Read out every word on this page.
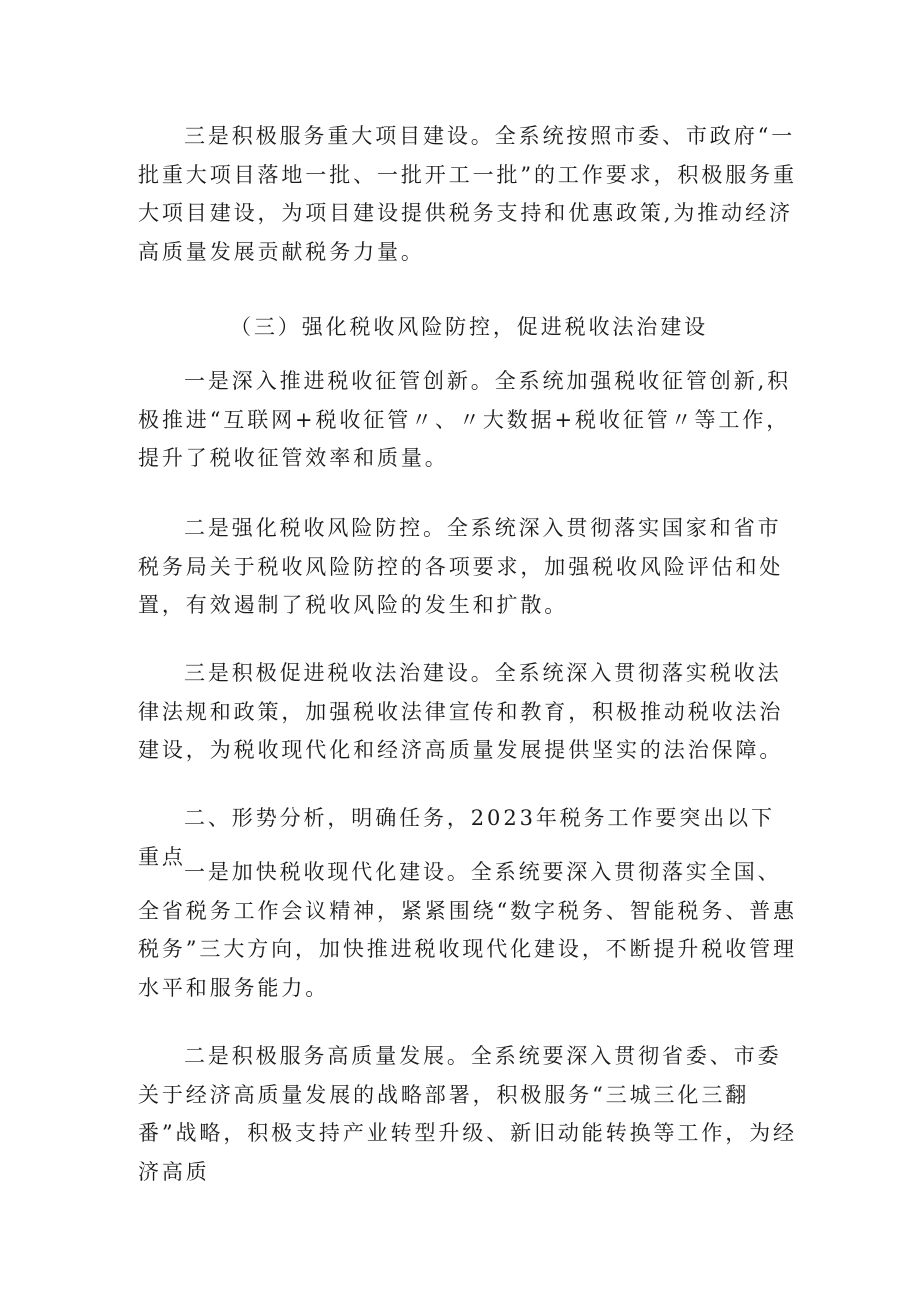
三是积极服务重大项目建设。全系统按照市委、市政府“一批重大项目落地一批、一批开工一批”的工作要求，积极服务重大项目建设，为项目建设提供税务支持和优惠政策,为推动经济高质量发展贡献税务力量。

（三）强化税收风险防控，促进税收法治建设

一是深入推进税收征管创新。全系统加强税收征管创新,积极推进“互联网+税收征管〃、〃大数据+税收征管〃等工作，提升了税收征管效率和质量。

二是强化税收风险防控。全系统深入贯彻落实国家和省市税务局关于税收风险防控的各项要求，加强税收风险评估和处置，有效遏制了税收风险的发生和扩散。

三是积极促进税收法治建设。全系统深入贯彻落实税收法律法规和政策，加强税收法律宣传和教育，积极推动税收法治建设，为税收现代化和经济高质量发展提供坚实的法治保障。

二、形势分析，明确任务，2023年税务工作要突出以下重点

一是加快税收现代化建设。全系统要深入贯彻落实全国、全省税务工作会议精神，紧紧围绕“数字税务、智能税务、普惠税务”三大方向，加快推进税收现代化建设，不断提升税收管理水平和服务能力。

二是积极服务高质量发展。全系统要深入贯彻省委、市委关于经济高质量发展的战略部署，积极服务“三城三化三翻番”战略，积极支持产业转型升级、新旧动能转换等工作，为经济高质
